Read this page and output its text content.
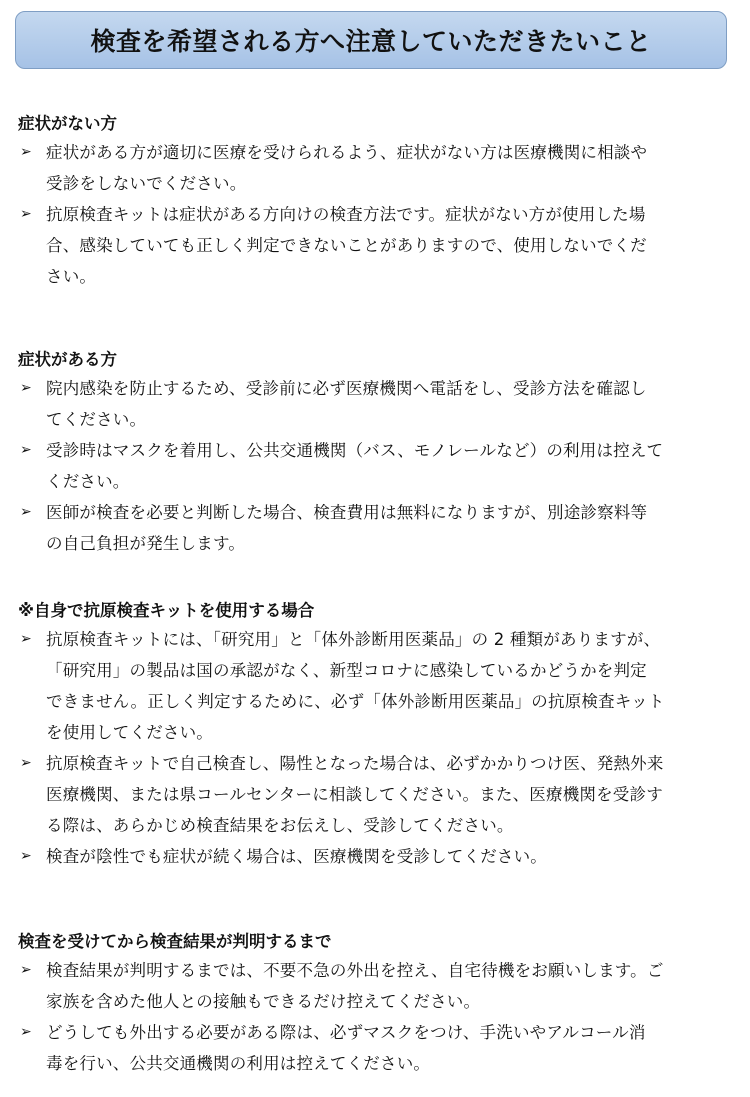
検査を希望される方へ注意していただきたいこと
症状がない方
➢ 症状がある方が適切に医療を受けられるよう、症状がない方は医療機関に相談や
受診をしないでください。
➢ 抗原検査キットは症状がある方向けの検査方法です。症状がない方が使用した場
合、感染していても正しく判定できないことがありますので、使用しないでくだ
さい。
症状がある方
➢ 院内感染を防止するため、受診前に必ず医療機関へ電話をし、受診方法を確認し
てください。
➢ 受診時はマスクを着用し、公共交通機関（バス、モノレールなど）の利用は控えて
ください。
➢ 医師が検査を必要と判断した場合、検査費用は無料になりますが、別途診察料等
の自己負担が発生します。
※自身で抗原検査キットを使用する場合
➢ 抗原検査キットには、「研究用」と「体外診断用医薬品」の 2 種類がありますが、
「研究用」の製品は国の承認がなく、新型コロナに感染しているかどうかを判定
できません。正しく判定するために、必ず「体外診断用医薬品」の抗原検査キット
を使用してください。
➢ 抗原検査キットで自己検査し、陽性となった場合は、必ずかかりつけ医、発熱外来
医療機関、または県コールセンターに相談してください。また、医療機関を受診す
る際は、あらかじめ検査結果をお伝えし、受診してください。
➢ 検査が陰性でも症状が続く場合は、医療機関を受診してください。
検査を受けてから検査結果が判明するまで
➢ 検査結果が判明するまでは、不要不急の外出を控え、自宅待機をお願いします。ご
家族を含めた他人との接触もできるだけ控えてください。
➢ どうしても外出する必要がある際は、必ずマスクをつけ、手洗いやアルコール消
毒を行い、公共交通機関の利用は控えてください。
